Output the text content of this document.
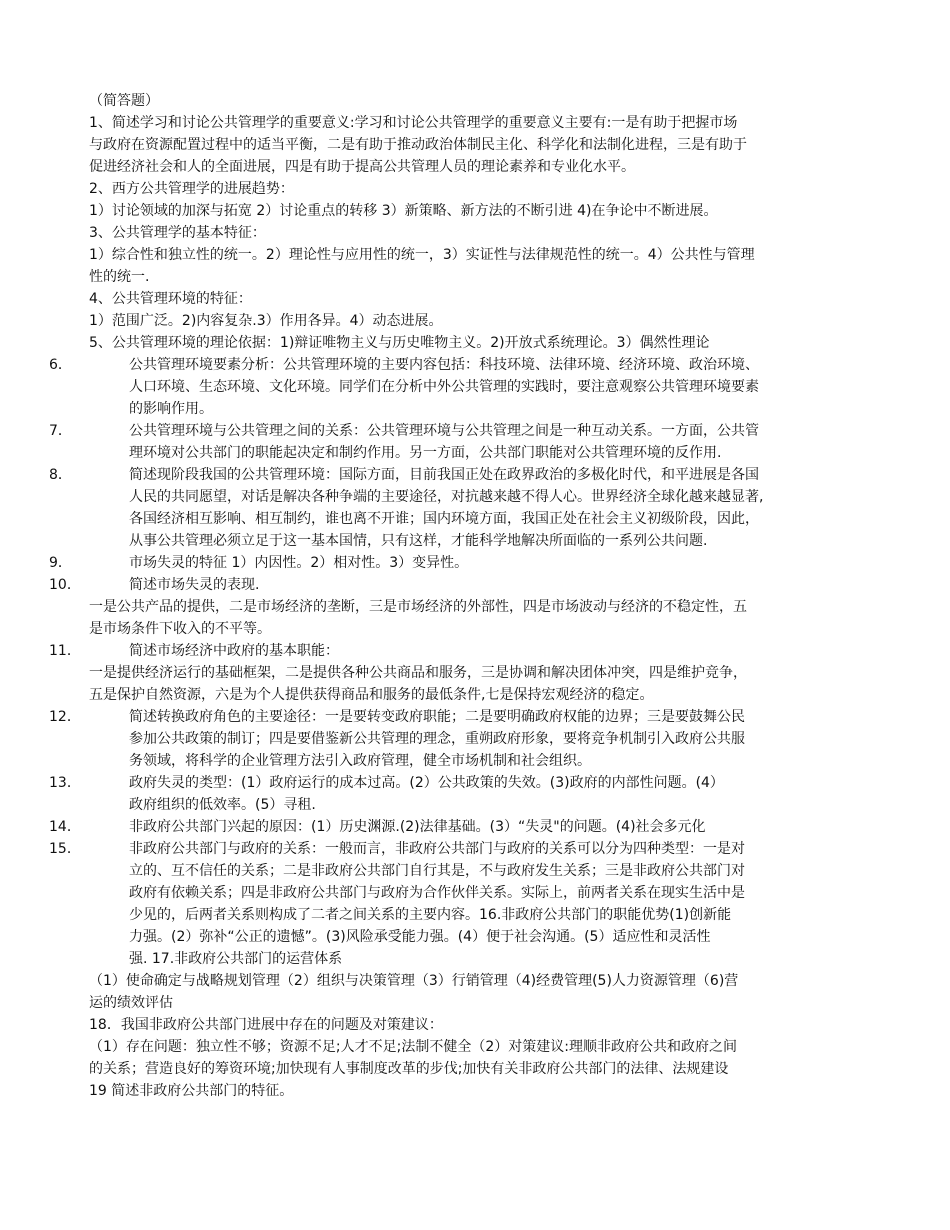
（简答题）
1、简述学习和讨论公共管理学的重要意义:学习和讨论公共管理学的重要意义主要有:一是有助于把握市场
与政府在资源配置过程中的适当平衡，二是有助于推动政治体制民主化、科学化和法制化进程，三是有助于
促进经济社会和人的全面进展，四是有助于提高公共管理人员的理论素养和专业化水平。
2、西方公共管理学的进展趋势：
1）讨论领域的加深与拓宽 2）讨论重点的转移 3）新策略、新方法的不断引进 4)在争论中不断进展。
3、公共管理学的基本特征：
1）综合性和独立性的统一。2）理论性与应用性的统一，3）实证性与法律规范性的统一。4）公共性与管理
性的统一.
4、公共管理环境的特征：
1）范围广泛。2)内容复杂.3）作用各异。4）动态进展。
5、公共管理环境的理论依据：1)辩证唯物主义与历史唯物主义。2)开放式系统理论。3）偶然性理论
6．	公共管理环境要素分析：公共管理环境的主要内容包括：科技环境、法律环境、经济环境、政治环境、
人口环境、生态环境、文化环境。同学们在分析中外公共管理的实践时，要注意观察公共管理环境要素
的影响作用。
7．	公共管理环境与公共管理之间的关系：公共管理环境与公共管理之间是一种互动关系。一方面，公共管
理环境对公共部门的职能起决定和制约作用。另一方面，公共部门职能对公共管理环境的反作用.
8．	简述现阶段我国的公共管理环境：国际方面，目前我国正处在政界政治的多极化时代，和平进展是各国
人民的共同愿望，对话是解决各种争端的主要途径，对抗越来越不得人心。世界经济全球化越来越显著,
各国经济相互影响、相互制约，谁也离不开谁；国内环境方面，我国正处在社会主义初级阶段，因此，
从事公共管理必须立足于这一基本国情，只有这样，才能科学地解决所面临的一系列公共问题.
9．	市场失灵的特征 1）内因性。2）相对性。3）变异性。
10．	简述市场失灵的表现.
一是公共产品的提供，二是市场经济的垄断，三是市场经济的外部性，四是市场波动与经济的不稳定性，五
是市场条件下收入的不平等。
11．	简述市场经济中政府的基本职能：
一是提供经济运行的基础框架，二是提供各种公共商品和服务，三是协调和解决团体冲突，四是维护竞争，
五是保护自然资源，六是为个人提供获得商品和服务的最低条件,七是保持宏观经济的稳定。
12．	简述转换政府角色的主要途径：一是要转变政府职能；二是要明确政府权能的边界；三是要鼓舞公民
参加公共政策的制订；四是要借鉴新公共管理的理念，重朔政府形象，要将竞争机制引入政府公共服
务领域，将科学的企业管理方法引入政府管理，健全市场机制和社会组织。
13．	政府失灵的类型：(1）政府运行的成本过高。(2）公共政策的失效。(3)政府的内部性问题。(4）
政府组织的低效率。(5）寻租.
14．	非政府公共部门兴起的原因：(1）历史渊源.(2)法律基础。(3）“失灵"的问题。(4)社会多元化
15．	非政府公共部门与政府的关系：一般而言，非政府公共部门与政府的关系可以分为四种类型：一是对
立的、互不信任的关系；二是非政府公共部门自行其是，不与政府发生关系；三是非政府公共部门对
政府有依赖关系；四是非政府公共部门与政府为合作伙伴关系。实际上，前两者关系在现实生活中是
少见的，后两者关系则构成了二者之间关系的主要内容。16.非政府公共部门的职能优势(1)创新能
力强。(2）弥补“公正的遗憾”。(3)风险承受能力强。(4）便于社会沟通。(5）适应性和灵活性
强. 17.非政府公共部门的运营体系
（1）使命确定与战略规划管理（2）组织与决策管理（3）行销管理（4)经费管理(5)人力资源管理（6)营
运的绩效评估
18．我国非政府公共部门进展中存在的问题及对策建议：
（1）存在问题：独立性不够；资源不足;人才不足;法制不健全（2）对策建议:理顺非政府公共和政府之间
的关系；营造良好的筹资环境;加快现有人事制度改革的步伐;加快有关非政府公共部门的法律、法规建设
19 简述非政府公共部门的特征。
